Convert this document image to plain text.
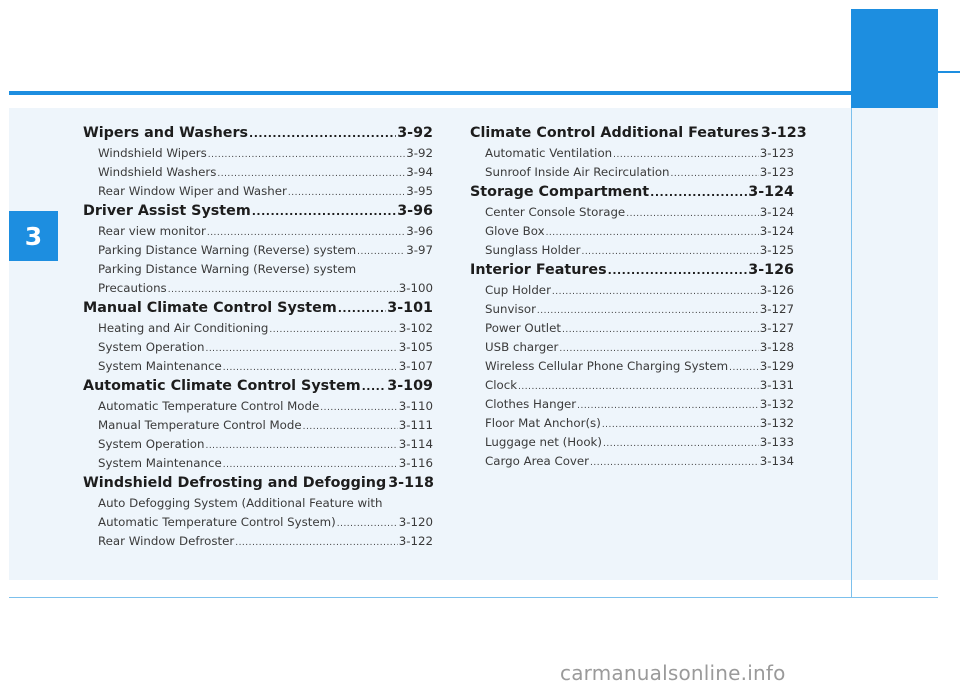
3
Wipers and Washers .....	3-92
Windshield Wipers .....	3-92
Windshield Washers .....	3-94
Rear Window Wiper and Washer .....	3-95
Driver Assist System .....	3-96
Rear view monitor .....	3-96
Parking Distance Warning (Reverse) system .....	3-97
Parking Distance Warning (Reverse) system
Precautions .....	3-100
Manual Climate Control System .....	3-101
Heating and Air Conditioning .....	3-102
System Operation .....	3-105
System Maintenance .....	3-107
Automatic Climate Control System ..... 3-109
Automatic Temperature Control Mode .....	3-110
Manual Temperature Control Mode .....	3-111
System Operation .....	3-114
System Maintenance .....	3-116
Windshield Defrosting and Defogging 3-118
Auto Defogging System (Additional Feature with
Automatic Temperature Control System) .....	3-120
Rear Window Defroster .....	3-122
Climate Control Additional Features 3-123
Automatic Ventilation .....	3-123
Sunroof Inside Air Recirculation .....	3-123
Storage Compartment .....	3-124
Center Console Storage .....	3-124
Glove Box .....	3-124
Sunglass Holder .....	3-125
Interior Features .....	3-126
Cup Holder .....	3-126
Sunvisor .....	3-127
Power Outlet .....	3-127
USB charger .....	3-128
Wireless Cellular Phone Charging System .....	3-129
Clock .....	3-131
Clothes Hanger .....	3-132
Floor Mat Anchor(s) .....	3-132
Luggage net (Hook) .....	3-133
Cargo Area Cover .....	3-134
carmanualsonline.info
